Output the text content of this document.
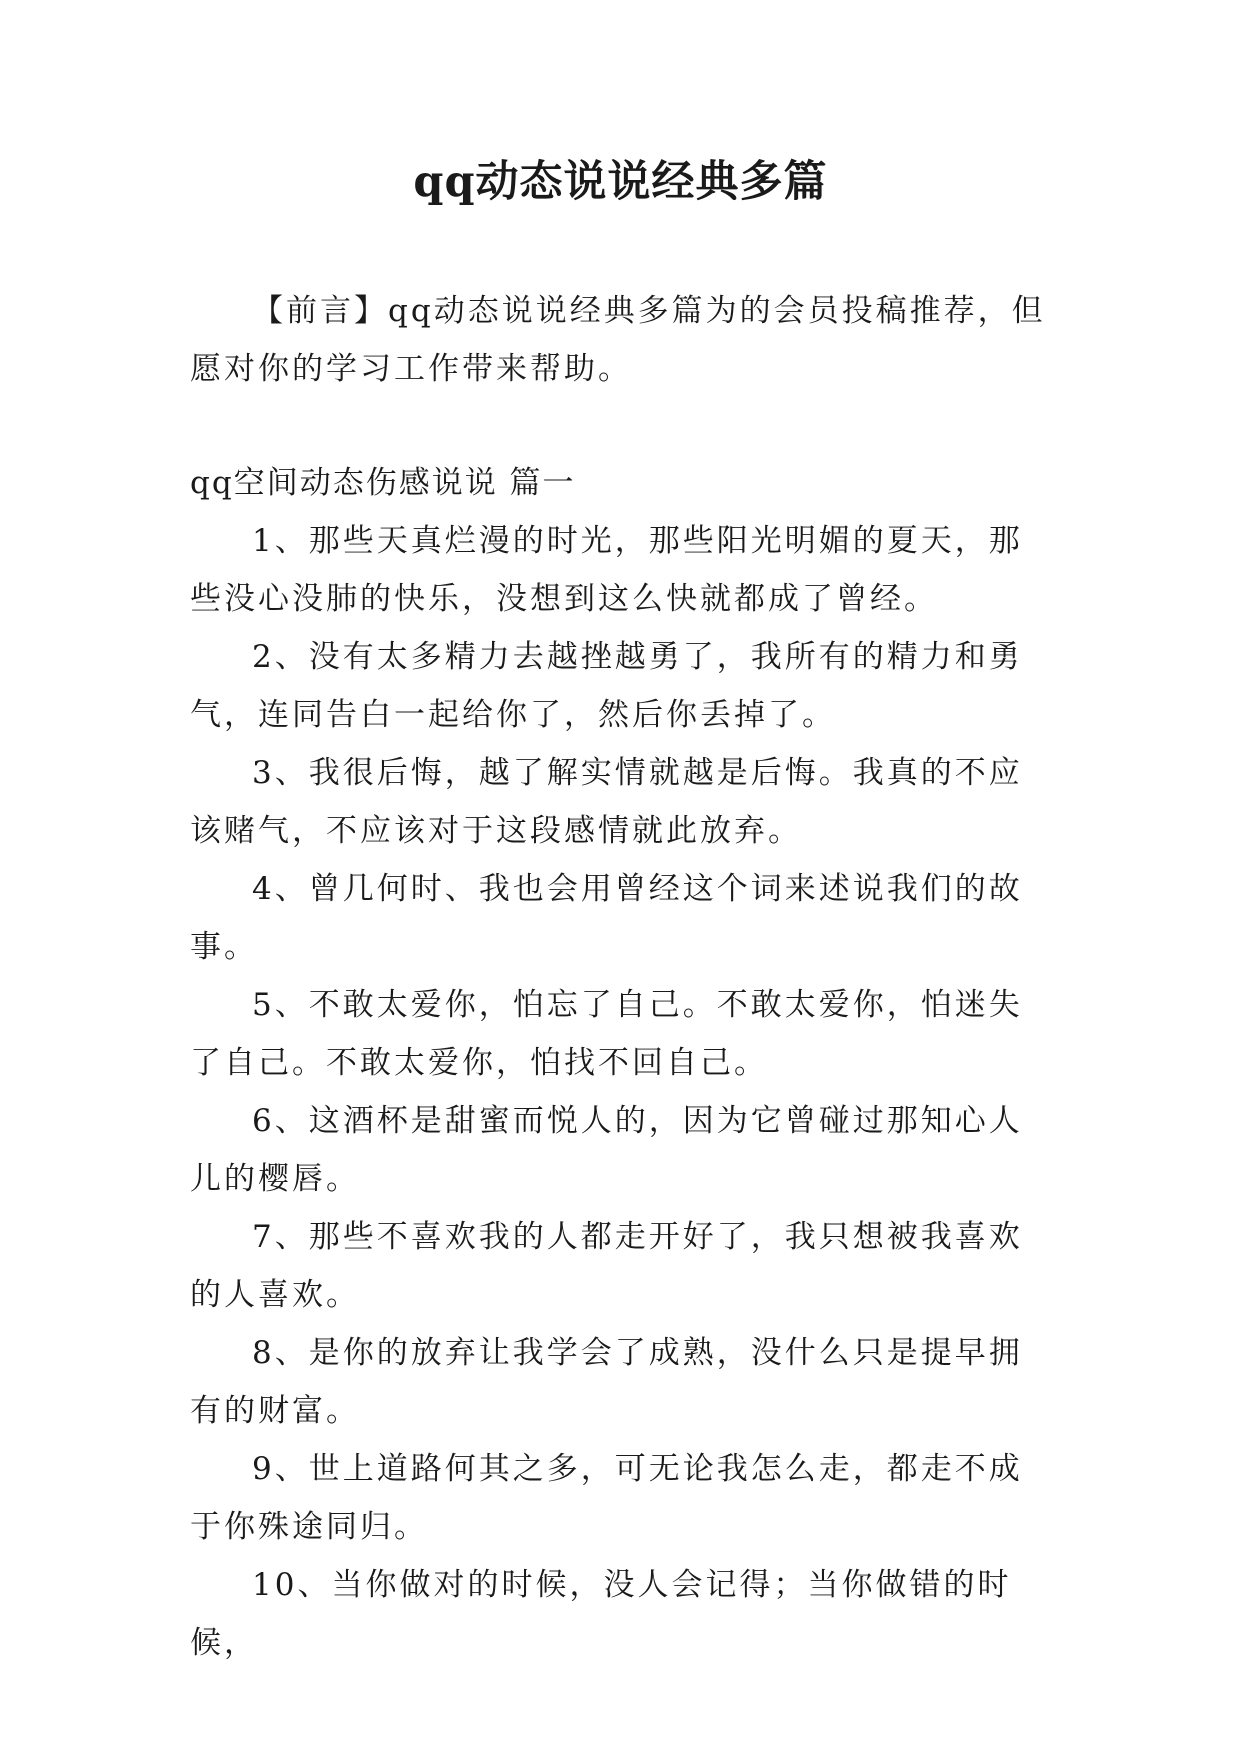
qq动态说说经典多篇

【前言】qq动态说说经典多篇为的会员投稿推荐，但愿对你的学习工作带来帮助。

qq空间动态伤感说说 篇一

1、那些天真烂漫的时光，那些阳光明媚的夏天，那些没心没肺的快乐，没想到这么快就都成了曾经。

2、没有太多精力去越挫越勇了，我所有的精力和勇气，连同告白一起给你了，然后你丢掉了。

3、我很后悔，越了解实情就越是后悔。我真的不应该赌气，不应该对于这段感情就此放弃。

4、曾几何时、我也会用曾经这个词来述说我们的故事。

5、不敢太爱你，怕忘了自己。不敢太爱你，怕迷失了自己。不敢太爱你，怕找不回自己。

6、这酒杯是甜蜜而悦人的，因为它曾碰过那知心人儿的樱唇。

7、那些不喜欢我的人都走开好了，我只想被我喜欢的人喜欢。

8、是你的放弃让我学会了成熟，没什么只是提早拥有的财富。

9、世上道路何其之多，可无论我怎么走，都走不成于你殊途同归。

10、当你做对的时候，没人会记得；当你做错的时候，
